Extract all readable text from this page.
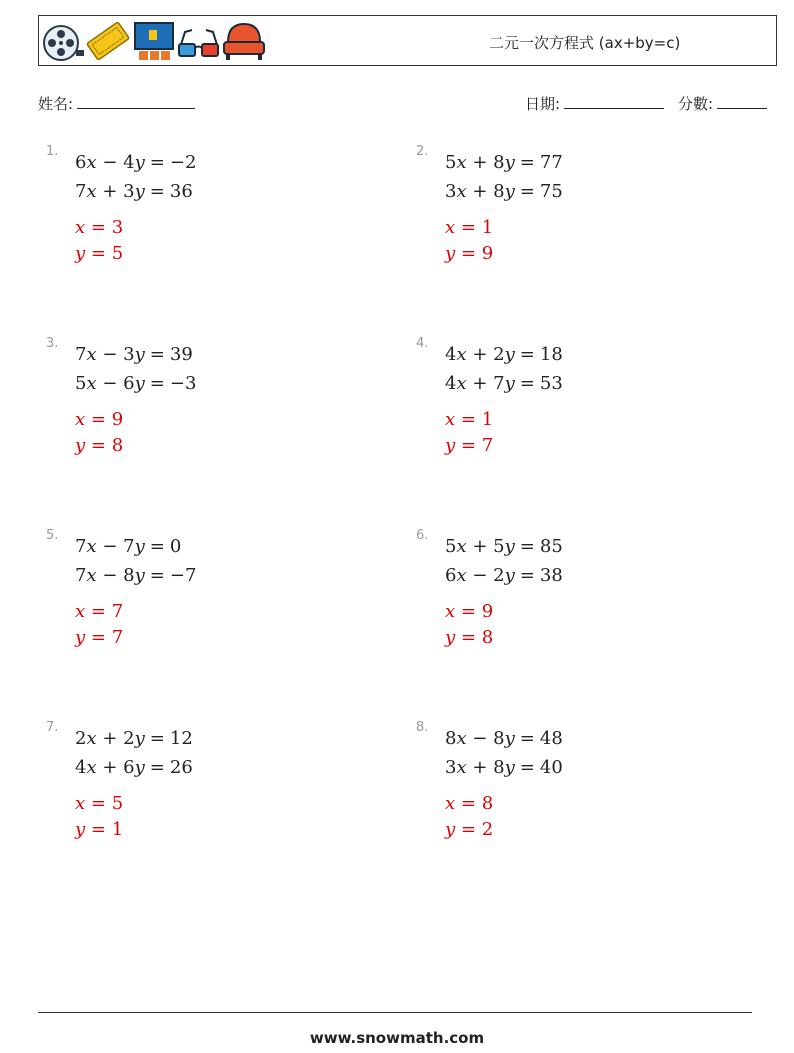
二元一次方程式 (ax+by=c)
姓名:	日期:	分數:
1.
6x − 4y	=	−2
7x + 3y	=	36
x = 3
y = 5
2.
5x + 8y	=	77
3x + 8y	=	75
x = 1
y = 9
3.
7x − 3y	=	39
5x − 6y	=	−3
x = 9
y = 8
4.
4x + 2y	=	18
4x + 7y	=	53
x = 1
y = 7
5.
7x − 7y	=	0
7x − 8y	=	−7
x = 7
y = 7
6.
5x + 5y	=	85
6x − 2y	=	38
x = 9
y = 8
7.
2x + 2y	=	12
4x + 6y	=	26
x = 5
y = 1
8.
8x − 8y	=	48
3x + 8y	=	40
x = 8
y = 2
www.snowmath.com
